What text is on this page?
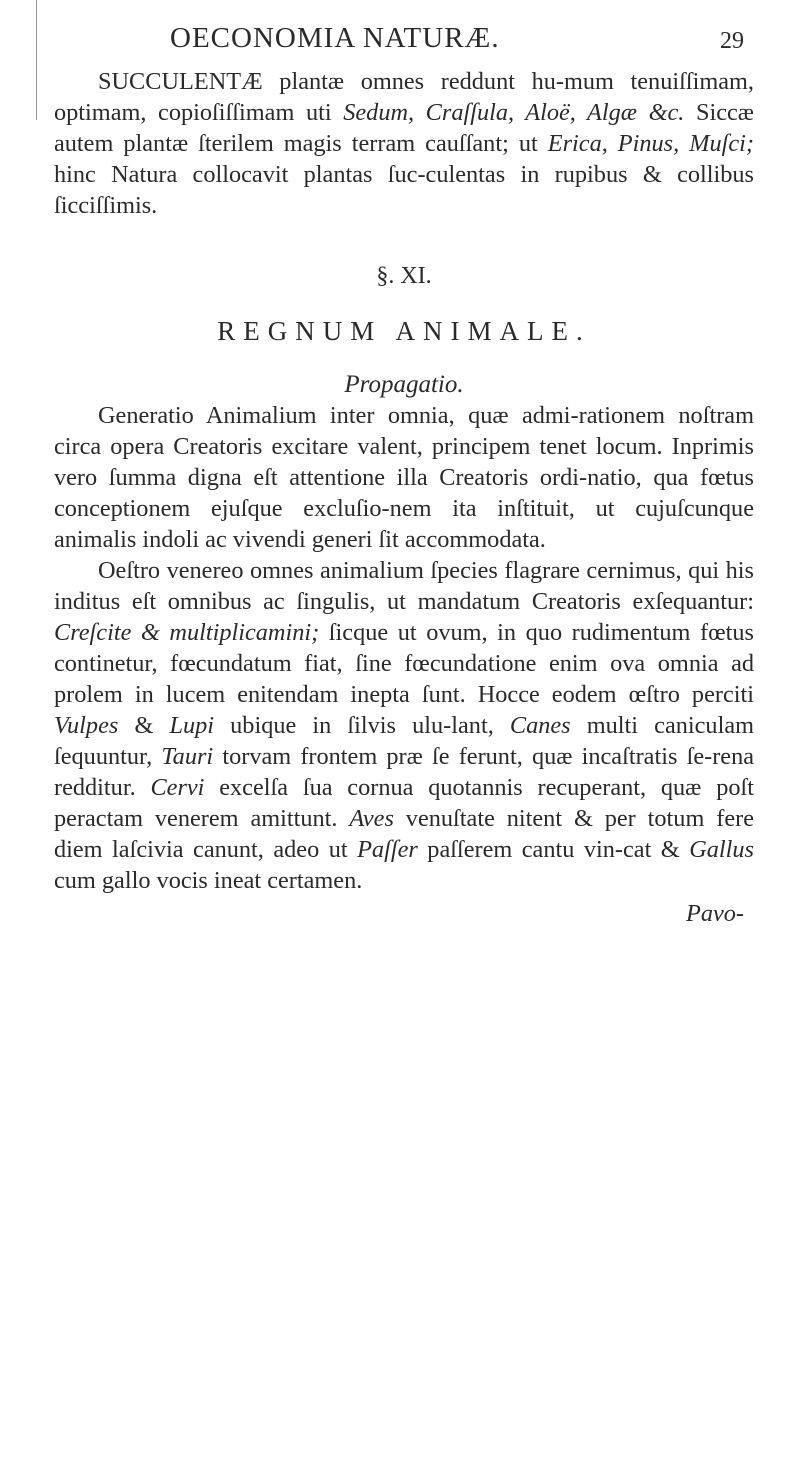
OECONOMIA NATURÆ.	29

SUCCULENTÆ plantæ omnes reddunt hu-mum tenuiſſimam, optimam, copioſiſſimam uti Sedum, Craſſula, Aloë, Algæ &c. Siccæ autem plantæ ſterilem magis terram cauſſant; ut Erica, Pinus, Muſci; hinc Natura collocavit plantas ſuc-culentas in rupibus & collibus ſicciſſimis.

§. XI.
REGNUM ANIMALE.
Propagatio.

Generatio Animalium inter omnia, quæ admi-rationem noſtram circa opera Creatoris excitare valent, principem tenet locum. Inprimis vero ſumma digna eſt attentione illa Creatoris ordi-natio, qua fœtus conceptionem ejuſque excluſio-nem ita inſtituit, ut cujuſcunque animalis indoli ac vivendi generi ſit accommodata.

Oeſtro venereo omnes animalium ſpecies flagrare cernimus, qui his inditus eſt omnibus ac ſingulis, ut mandatum Creatoris exſequantur: Creſcite & multiplicamini; ſicque ut ovum, in quo rudimentum fœtus continetur, fœcundatum fiat, ſine fœcundatione enim ova omnia ad prolem in lucem enitendam inepta ſunt. Hocce eodem œſtro perciti Vulpes & Lupi ubique in ſilvis ulu-lant, Canes multi caniculam ſequuntur, Tauri torvam frontem præ ſe ferunt, quæ incaſtratis ſe-rena redditur. Cervi excelſa ſua cornua quotannis recuperant, quæ poſt peractam venerem amittunt. Aves venuſtate nitent & per totum fere diem laſcivia canunt, adeo ut Paſſer paſſerem cantu vin-cat & Gallus cum gallo vocis ineat certamen.

Pavo-
